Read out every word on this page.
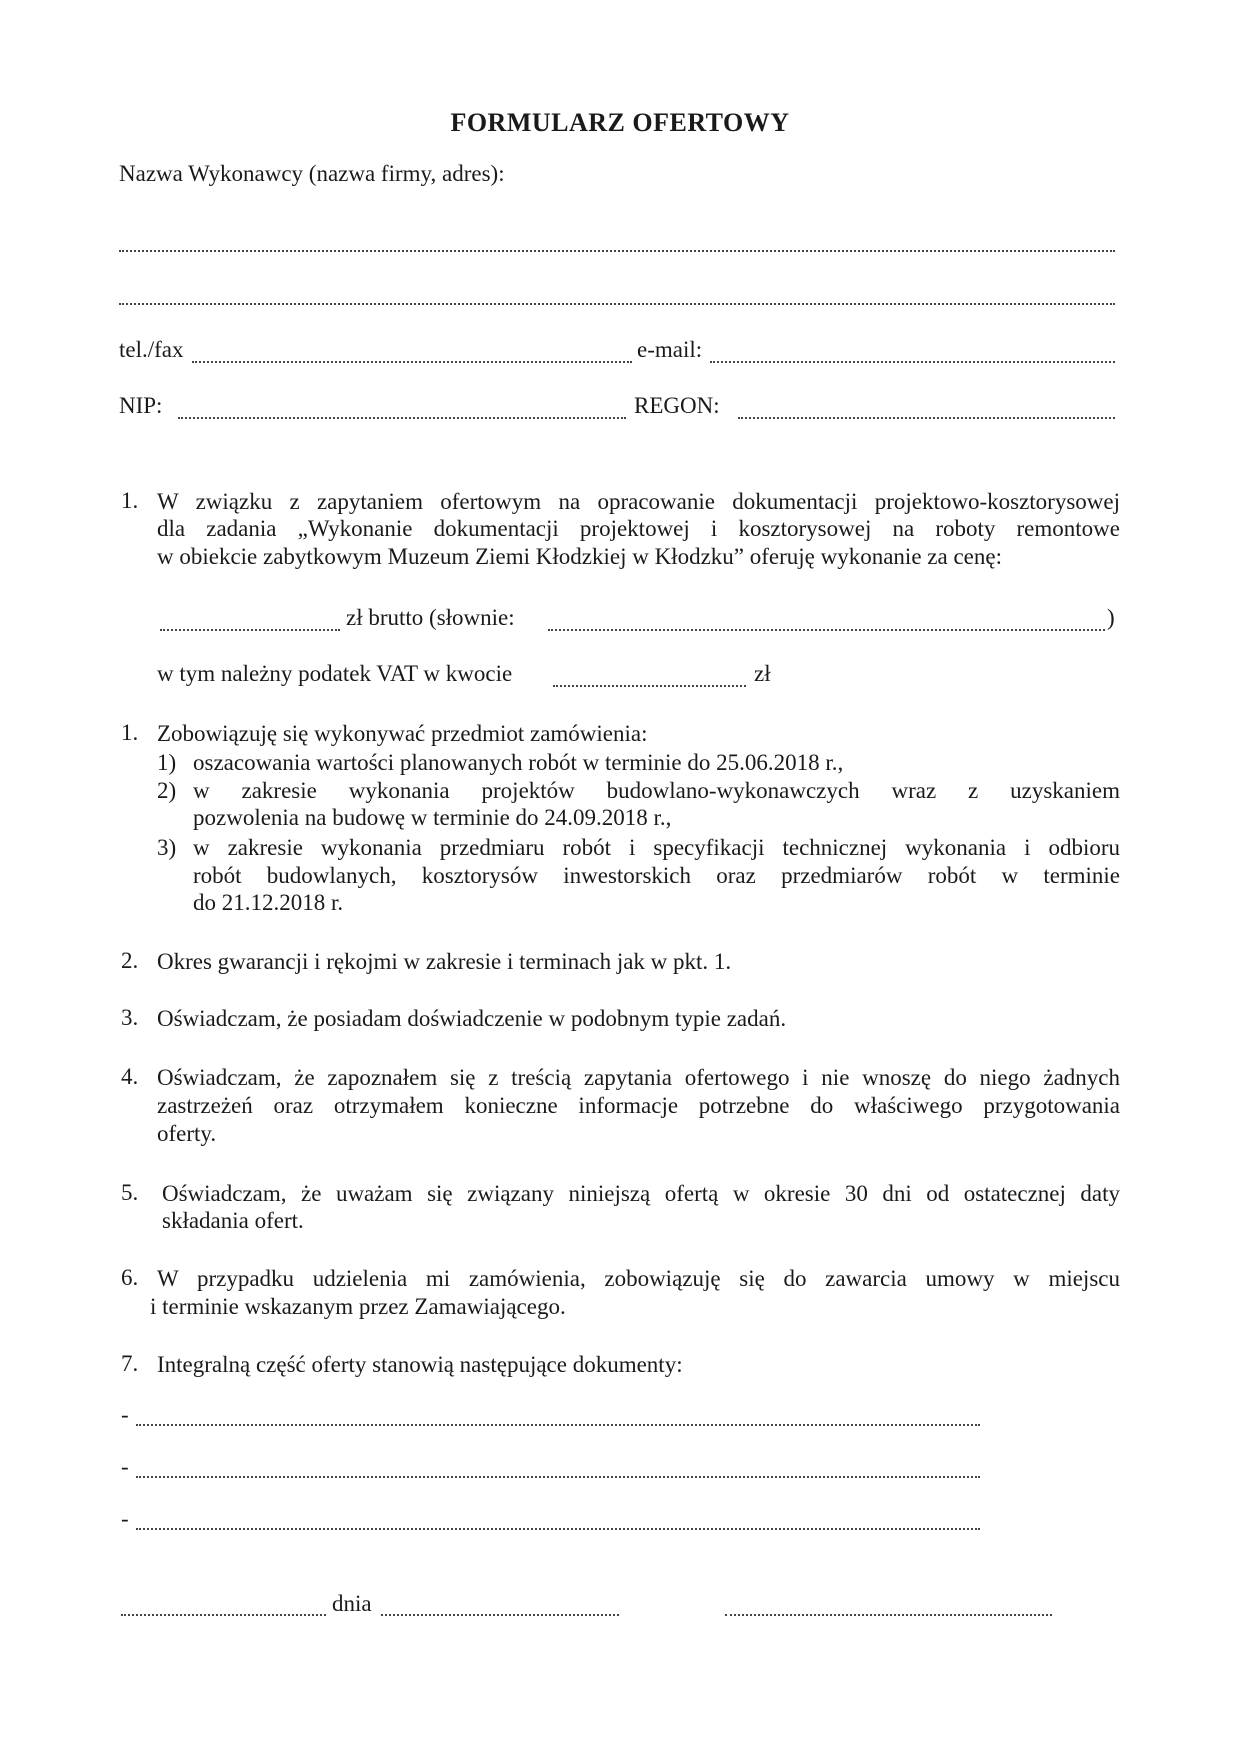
FORMULARZ OFERTOWY
Nazwa Wykonawcy (nazwa firmy, adres):
tel./fax	e-mail:
NIP:	REGON:
1. W związku z zapytaniem ofertowym na opracowanie dokumentacji projektowo-kosztorysowej
dla zadania „Wykonanie dokumentacji projektowej i kosztorysowej na roboty remontowe
w obiekcie zabytkowym Muzeum Ziemi Kłodzkiej w Kłodzku” oferuję wykonanie za cenę:
zł brutto (słownie:	)
w tym należny podatek VAT w kwocie	zł
1. Zobowiązuję się wykonywać przedmiot zamówienia:
1) oszacowania wartości planowanych robót w terminie do 25.06.2018 r.,
2) w zakresie wykonania projektów budowlano-wykonawczych wraz z uzyskaniem
pozwolenia na budowę w terminie do 24.09.2018 r.,
3) w zakresie wykonania przedmiaru robót i specyfikacji technicznej wykonania i odbioru
robót budowlanych, kosztorysów inwestorskich oraz przedmiarów robót w terminie
do 21.12.2018 r.
2. Okres gwarancji i rękojmi w zakresie i terminach jak w pkt. 1.
3. Oświadczam, że posiadam doświadczenie w podobnym typie zadań.
4. Oświadczam, że zapoznałem się z treścią zapytania ofertowego i nie wnoszę do niego żadnych
zastrzeżeń oraz otrzymałem konieczne informacje potrzebne do właściwego przygotowania
oferty.
5. Oświadczam, że uważam się związany niniejszą ofertą w okresie 30 dni od ostatecznej daty
składania ofert.
6. W przypadku udzielenia mi zamówienia, zobowiązuję się do zawarcia umowy w miejscu
i terminie wskazanym przez Zamawiającego.
7. Integralną część oferty stanowią następujące dokumenty:
-
-
-
dnia
